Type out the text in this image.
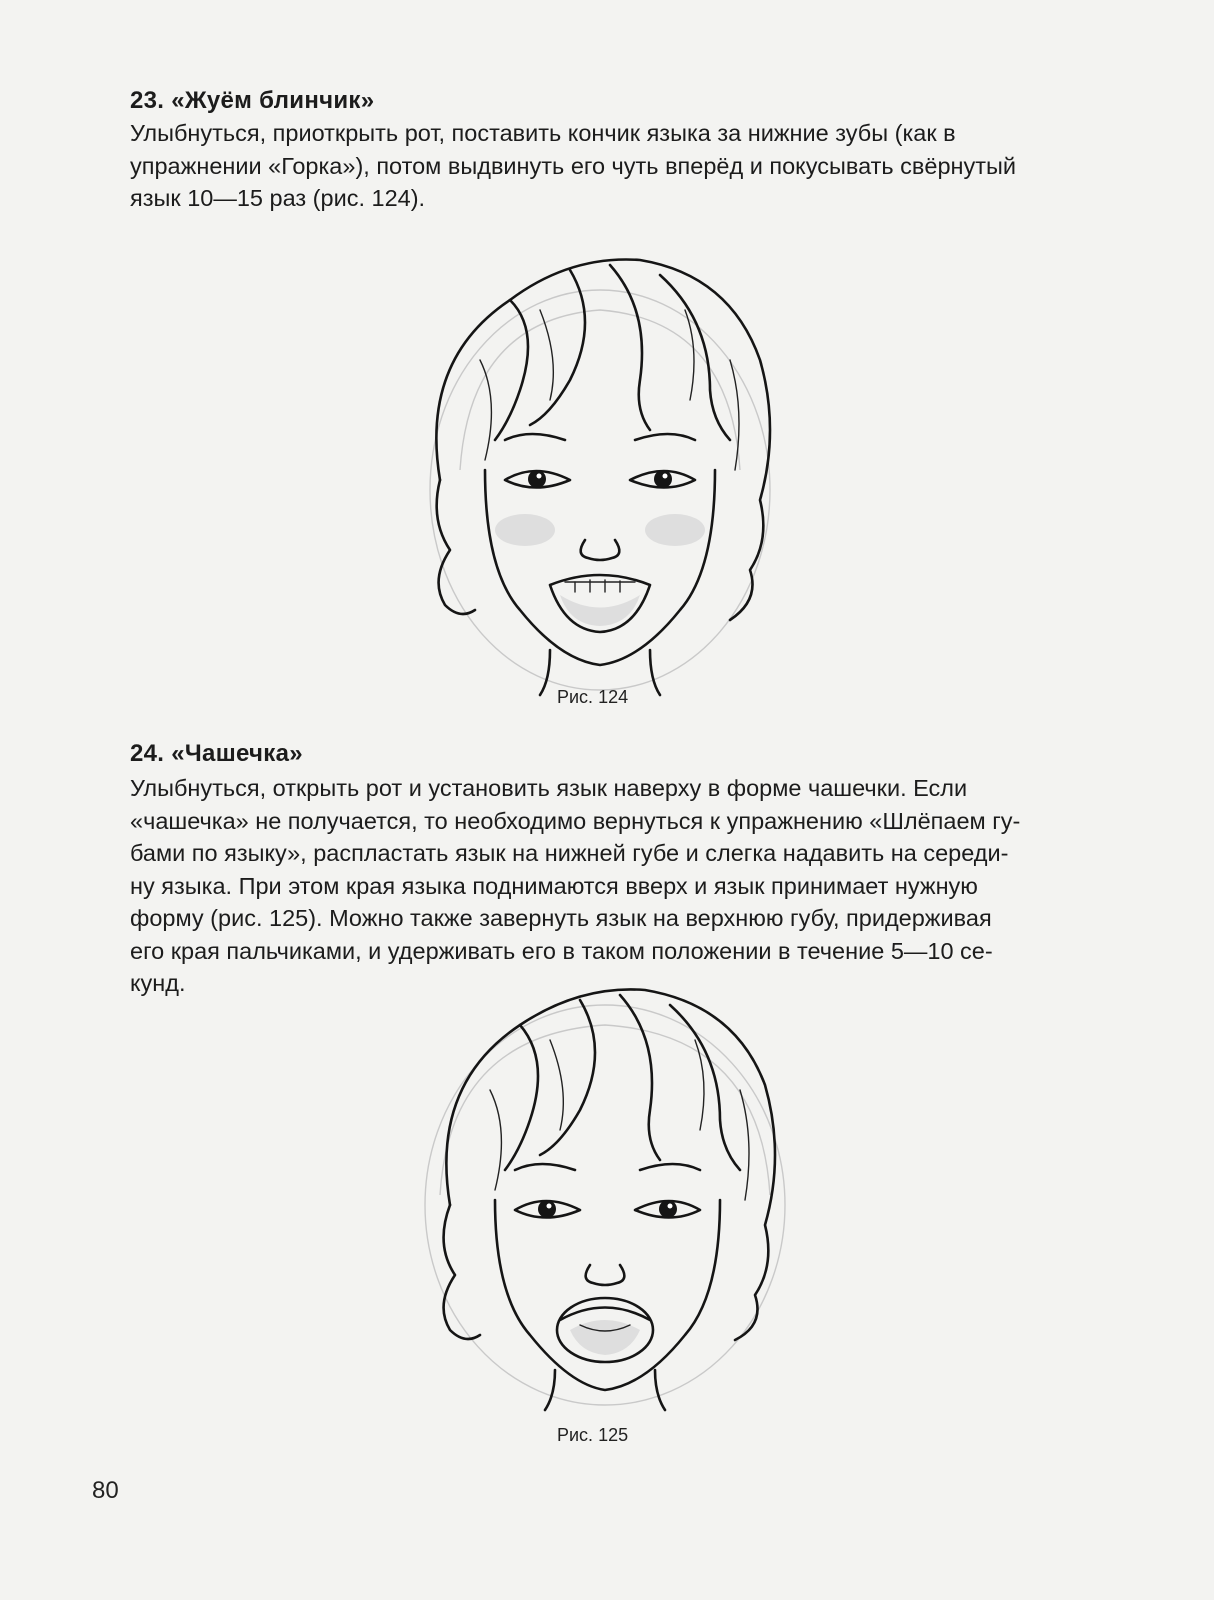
23. «Жуём блинчик»
Улыбнуться, приоткрыть рот, поставить кончик языка за нижние зубы (как в
упражнении «Горка»), потом выдвинуть его чуть вперёд и покусывать свёрнутый
язык 10—15 раз (рис. 124).
Рис. 124
24. «Чашечка»
Улыбнуться, открыть рот и установить язык наверху в форме чашечки. Если
«чашечка» не получается, то необходимо вернуться к упражнению «Шлёпаем гу-
бами по языку», распластать язык на нижней губе и слегка надавить на середи-
ну языка. При этом края языка поднимаются вверх и язык принимает нужную
форму (рис. 125). Можно также завернуть язык на верхнюю губу, придерживая
его края пальчиками, и удерживать его в таком положении в течение 5—10 се-
кунд.
Рис. 125
80
